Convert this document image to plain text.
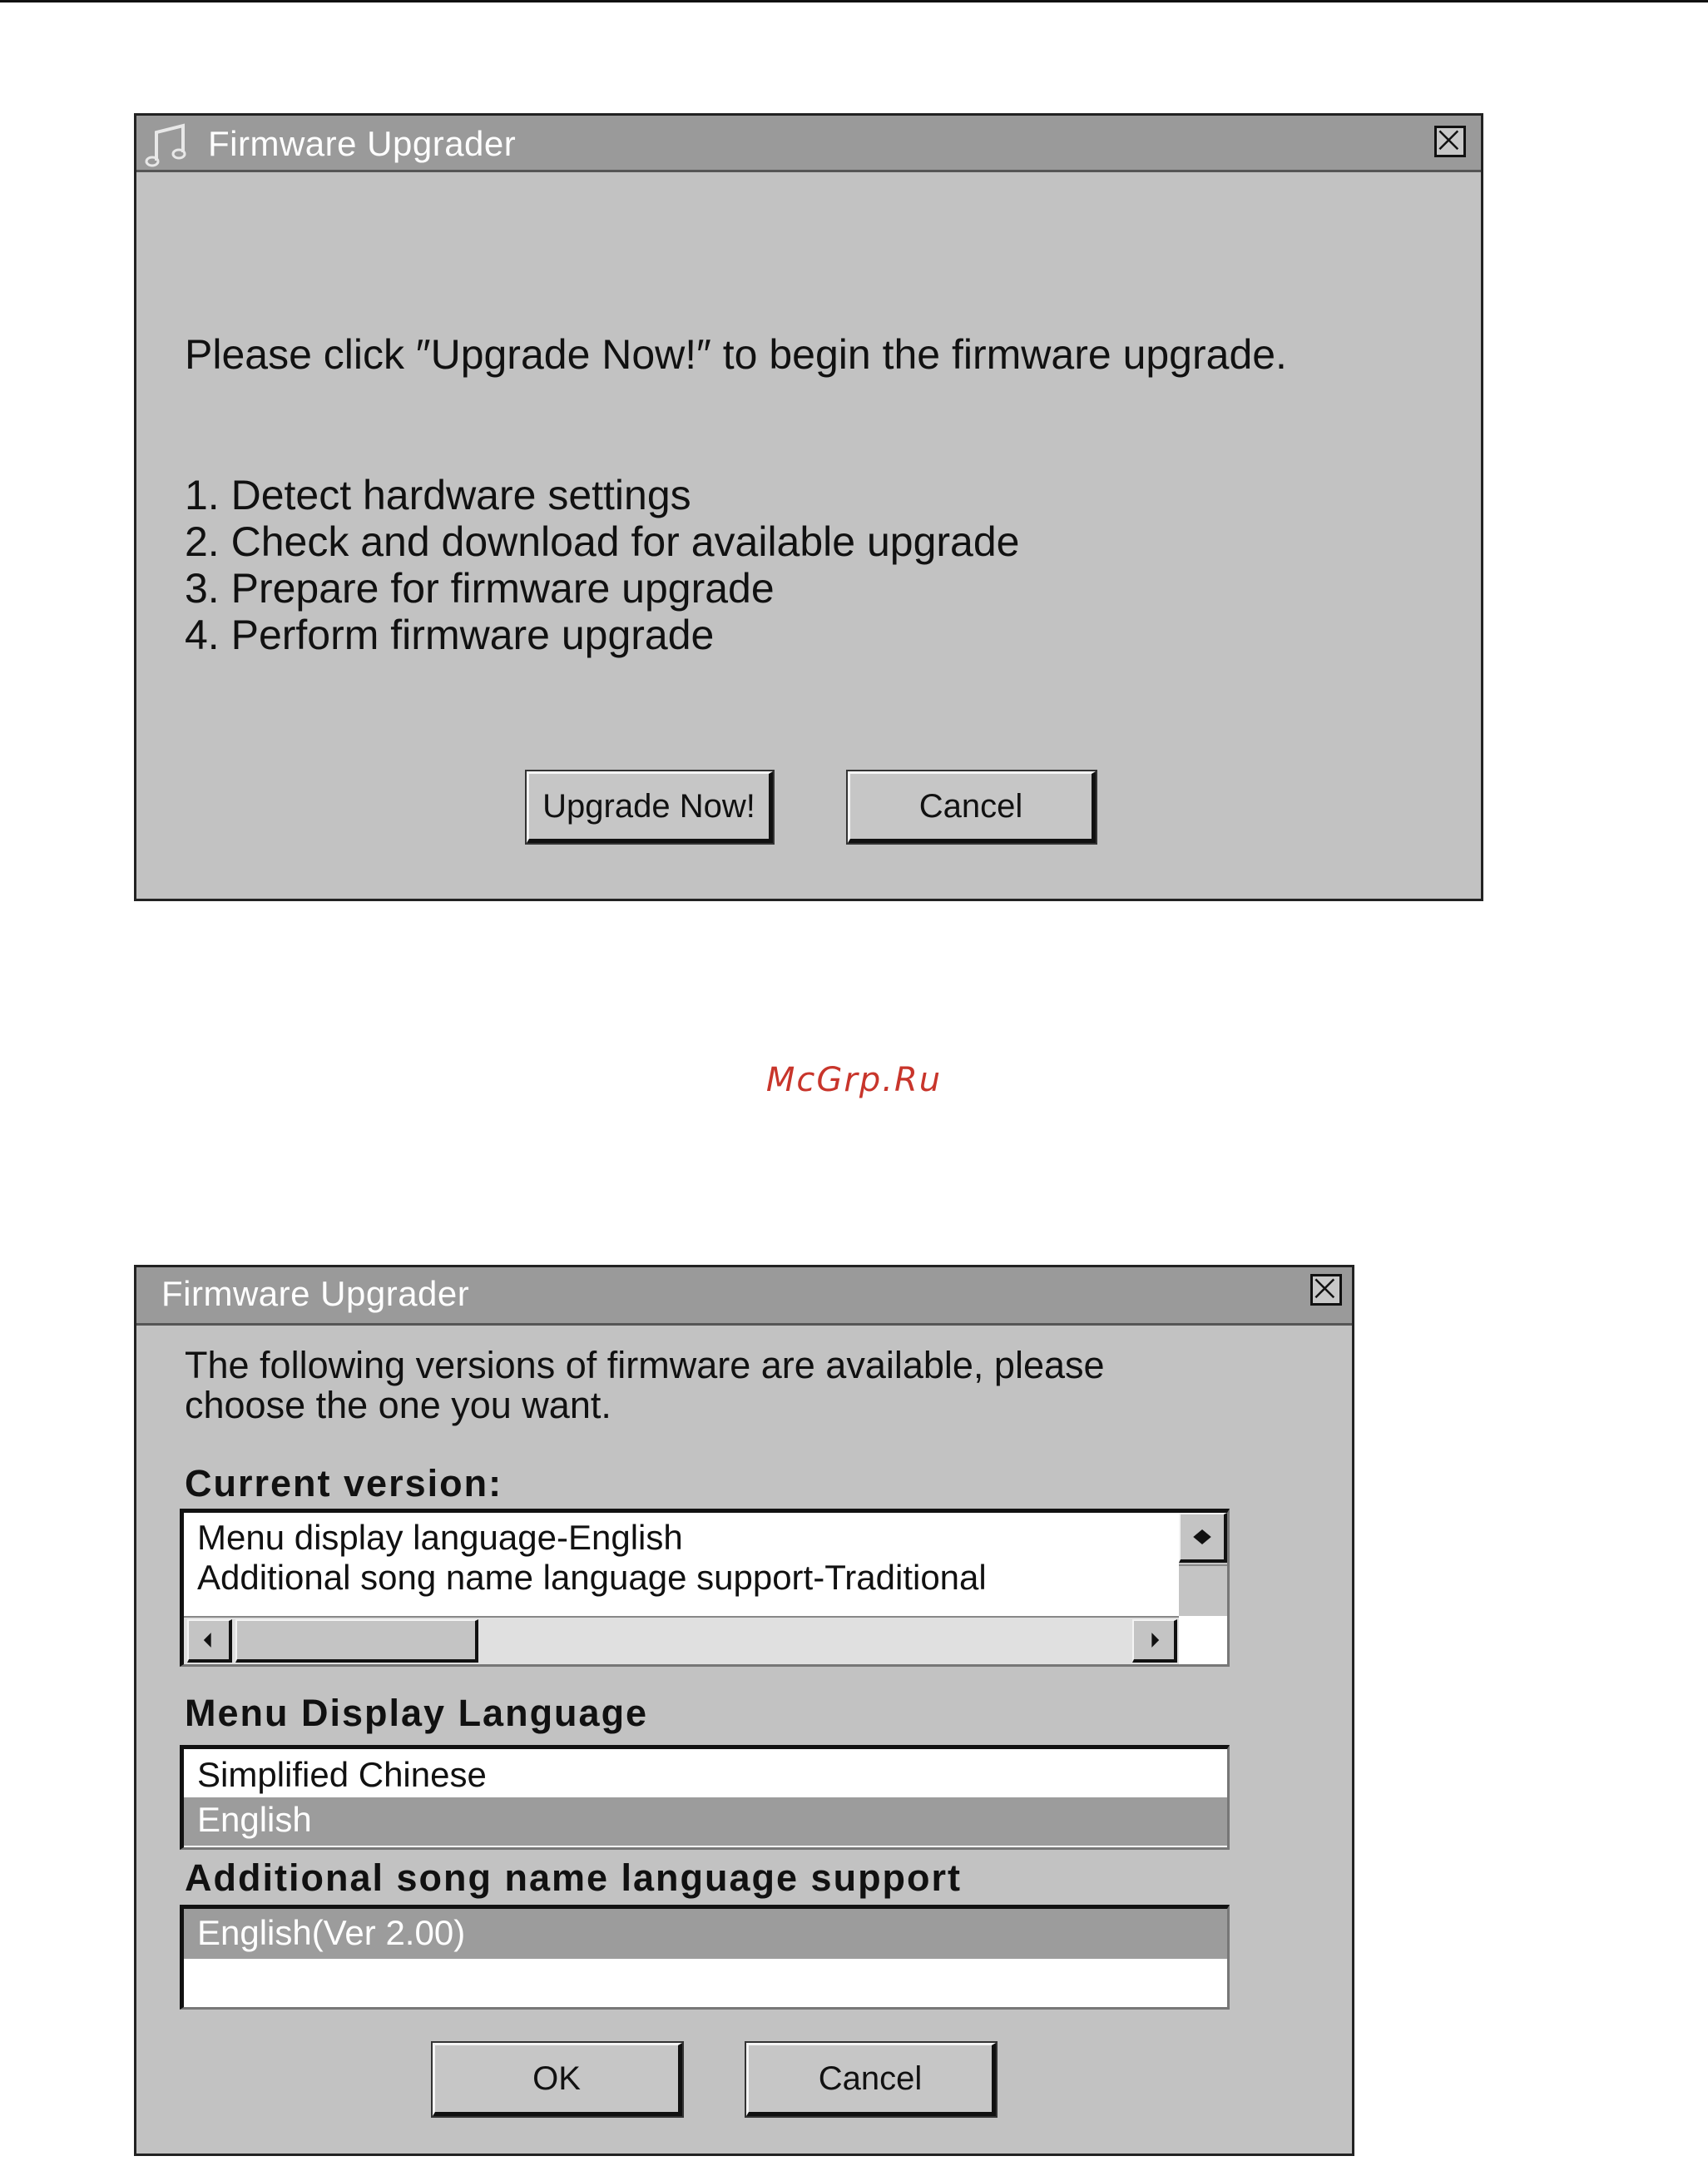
Firmware Upgrader
Please click ″Upgrade Now!″ to begin the firmware upgrade.
1. Detect hardware settings
2. Check and download for available upgrade
3. Prepare for firmware upgrade
4. Perform firmware upgrade
Upgrade Now!	Cancel
McGrp.Ru
Firmware Upgrader
The following versions of firmware are available, please
choose the one you want.
Current version:
Menu display language-English
Additional song name language support-Traditional
Menu Display Language
Simplified Chinese
English
Additional song name language support
English(Ver 2.00)
OK	Cancel
